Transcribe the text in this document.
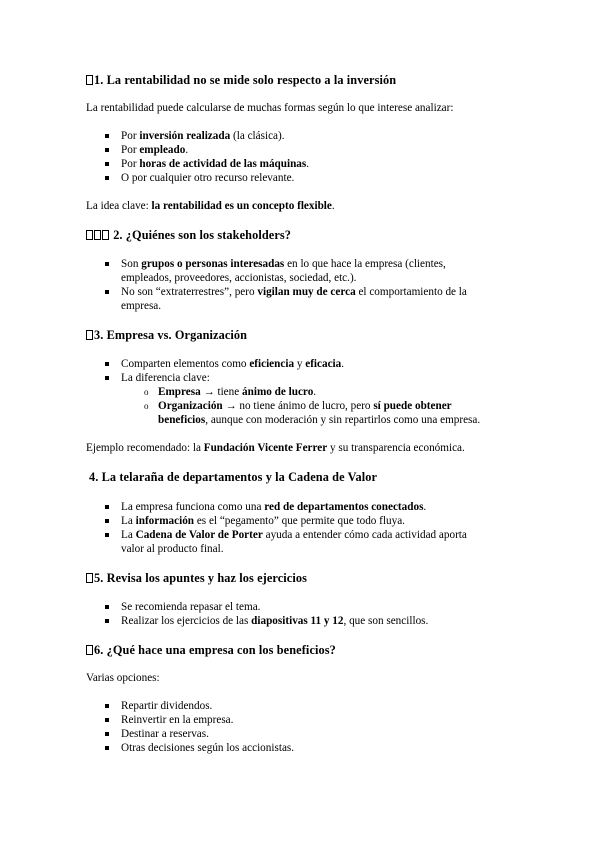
1. La rentabilidad no se mide solo respecto a la inversión
La rentabilidad puede calcularse de muchas formas según lo que interese analizar:
Por inversión realizada (la clásica).
Por empleado.
Por horas de actividad de las máquinas.
O por cualquier otro recurso relevante.
La idea clave: la rentabilidad es un concepto flexible.
2. ¿Quiénes son los stakeholders?
Son grupos o personas interesadas en lo que hace la empresa (clientes,
empleados, proveedores, accionistas, sociedad, etc.).
No son “extraterrestres”, pero vigilan muy de cerca el comportamiento de la
empresa.
3. Empresa vs. Organización
Comparten elementos como eficiencia y eficacia.
La diferencia clave:
o Empresa → tiene ánimo de lucro.
o Organización → no tiene ánimo de lucro, pero sí puede obtener
beneficios, aunque con moderación y sin repartirlos como una empresa.
Ejemplo recomendado: la Fundación Vicente Ferrer y su transparencia económica.
4. La telaraña de departamentos y la Cadena de Valor
La empresa funciona como una red de departamentos conectados.
La información es el “pegamento” que permite que todo fluya.
La Cadena de Valor de Porter ayuda a entender cómo cada actividad aporta
valor al producto final.
5. Revisa los apuntes y haz los ejercicios
Se recomienda repasar el tema.
Realizar los ejercicios de las diapositivas 11 y 12, que son sencillos.
6. ¿Qué hace una empresa con los beneficios?
Varias opciones:
Repartir dividendos.
Reinvertir en la empresa.
Destinar a reservas.
Otras decisiones según los accionistas.
